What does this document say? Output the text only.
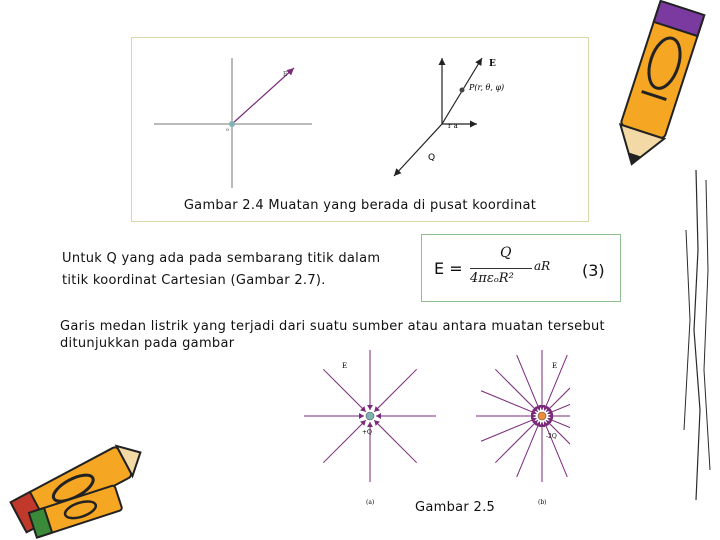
E
o
E
P(r, θ, φ)
r a
Q
Gambar 2.4 Muatan yang berada di pusat koordinat
Untuk Q yang ada pada sembarang titik dalam titik koordinat Cartesian (Gambar 2.7).
E =
Q
4πεₒR²
aR (3)
Garis medan listrik yang terjadi dari suatu sumber atau antara muatan tersebut ditunjukkan pada gambar
E
+Q
(a)
E
-2Q
(b)
Gambar 2.5
